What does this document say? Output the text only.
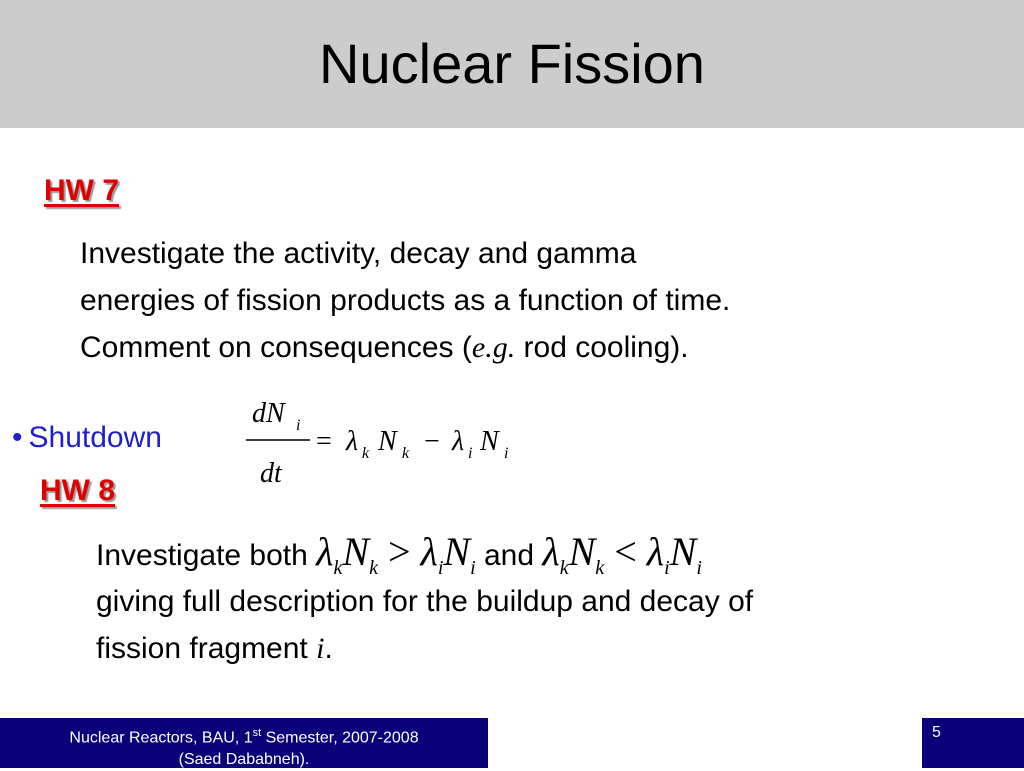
Nuclear Fission
HW 7
Investigate the activity, decay and gamma
energies of fission products as a function of time.
Comment on consequences (e.g. rod cooling).
• Shutdown
dN i
dt
= λ k N k − λ i N i
HW 8
Investigate both $\lambda_kN_k > \lambda_iN_i$ and $\lambda_kN_k < \lambda_iN_i$
giving full description for the buildup and decay of
fission fragment i.
Nuclear Reactors, BAU, 1st Semester, 2007-2008
(Saed Dababneh).
5
